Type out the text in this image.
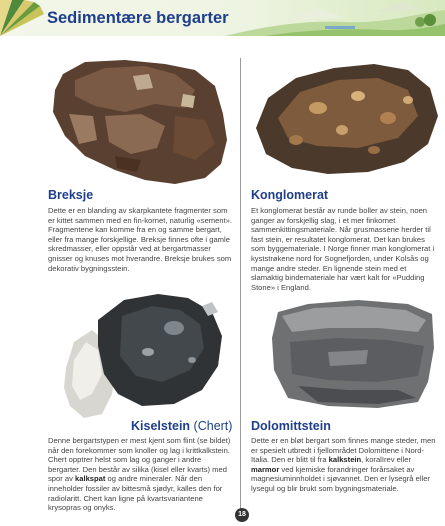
Sedimentære bergarter
Breksje
Dette er en blanding av skarpkantete fragmenter som er kittet sammen med en fin-kornet, naturlig «sement». Fragmentene kan komme fra en og samme bergart, eller fra mange forskjellige. Breksje finnes ofte i gamle skredmasser, eller oppstår ved at bergartmasser gnisser og knuses mot hverandre. Breksje brukes som dekorativ bygningsstein.
Konglomerat
Et konglomerat består av runde boller av stein, noen ganger av forskjellig slag, i et mer finkornet sammenkittingsmateriale. Når grusmassene herder til fast stein, er resultatet konglomerat. Det kan brukes som byggemateriale. I Norge finner man konglomerat i kyststrøkene nord for Sognefjorden, under Kolsås og mange andre steder. En lignende stein med et slamaktig bindemateriale har vært kalt for «Pudding Stone» i England.
Kiselstein (Chert)
Denne bergartstypen er mest kjent som flint (se bildet) når den forekommer som knoller og lag i krittkalkstein. Chert opptrer helst som lag og ganger i andre bergarter. Den består av silika (kisel eller kvarts) med spor av kalkspat og andre mineraler. Når den inneholder fossiler av bittesmå sjødyr, kalles den for radiolaritt. Chert kan ligne på kvartsvariantene krysopras og onyks.
Dolomittstein
Dette er en bløt bergart som finnes mange steder, men er spesielt utbredt i fjellområdet Dolomittene i Nord-Italia. Den er blitt til fra kalkstein, koralIrev eller marmor ved kjemiske forandringer forårsaket av magnesiuminnholdet i sjøvannet. Den er lysegrå eller lysegul og blir brukt som bygningsmateriale.
18
